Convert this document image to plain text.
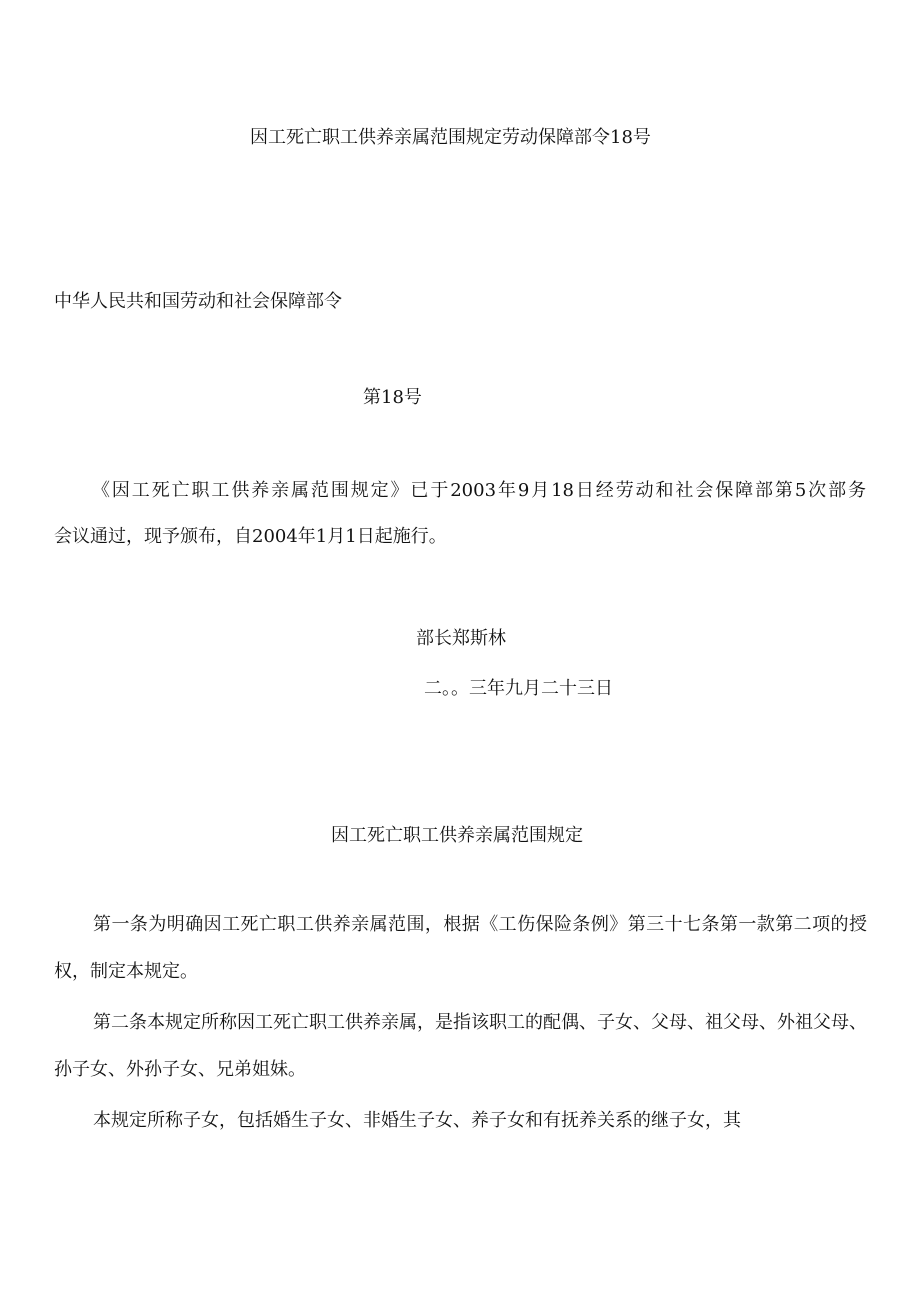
因工死亡职工供养亲属范围规定劳动保障部令18号
中华人民共和国劳动和社会保障部令
第18号
《因工死亡职工供养亲属范围规定》已于2003年9月18日经劳动和社会保障部第5次部务
会议通过，现予颁布，自2004年1月1日起施行。
部长郑斯林
二。。三年九月二十三日
因工死亡职工供养亲属范围规定
第一条为明确因工死亡职工供养亲属范围，根据《工伤保险条例》第三十七条第一款第二项的授
权，制定本规定。
第二条本规定所称因工死亡职工供养亲属，是指该职工的配偶、子女、父母、祖父母、外祖父母、
孙子女、外孙子女、兄弟姐妹。
本规定所称子女，包括婚生子女、非婚生子女、养子女和有抚养关系的继子女，其
